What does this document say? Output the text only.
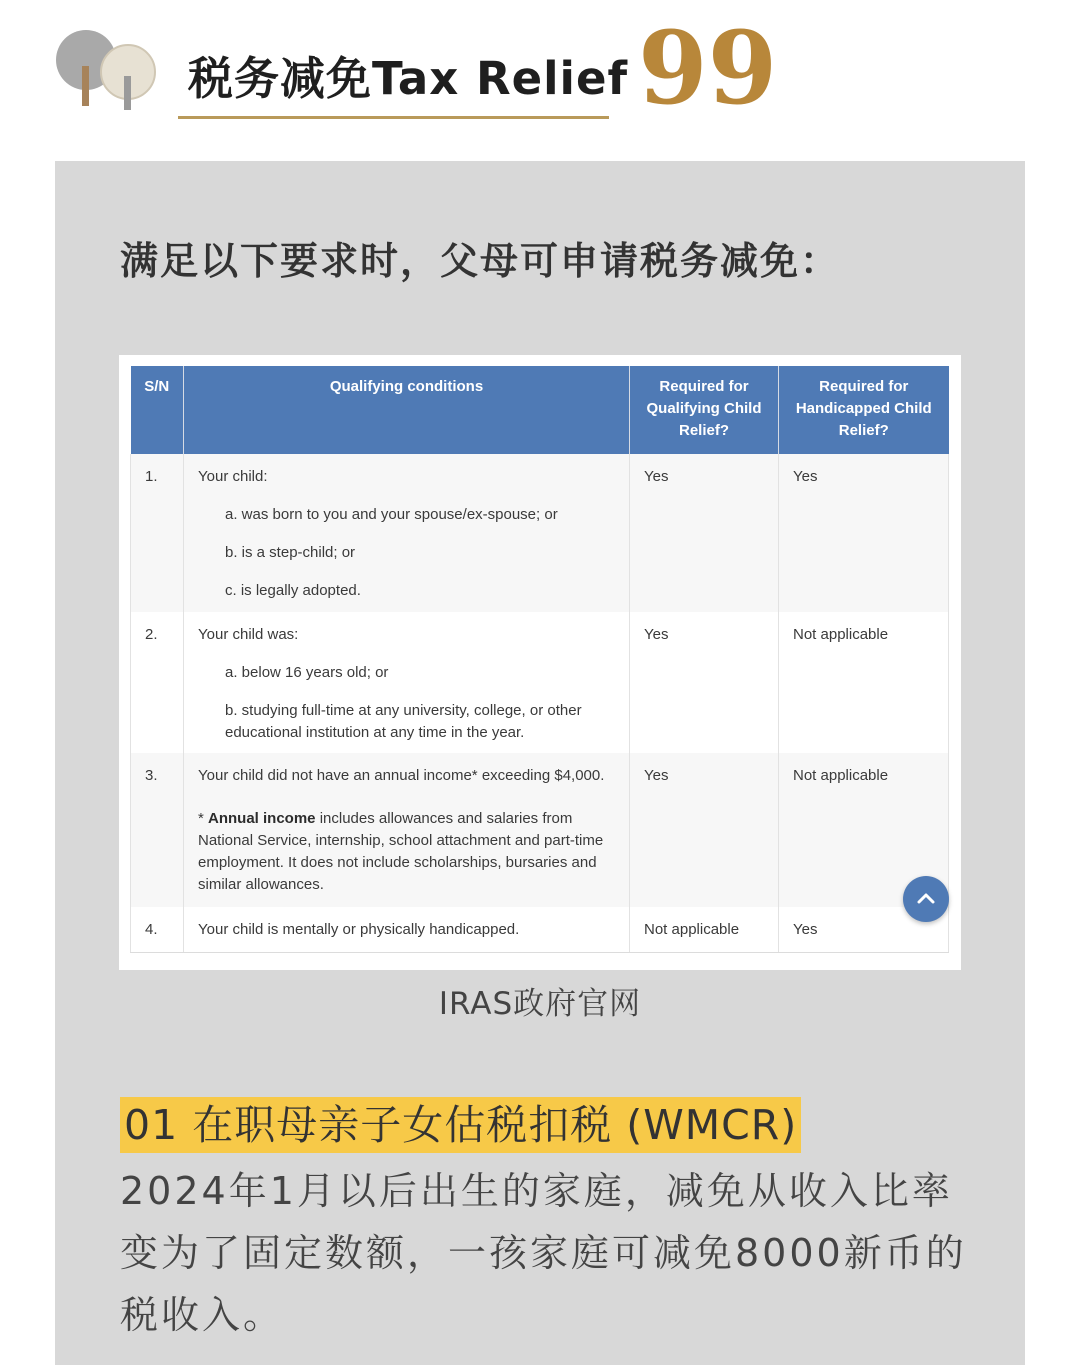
税务减免Tax Relief 99
满足以下要求时，父母可申请税务减免：
S/N	Qualifying conditions	Required for Qualifying Child Relief?	Required for Handicapped Child Relief?
1.	Your child:
a. was born to you and your spouse/ex-spouse; or
b. is a step-child; or
c. is legally adopted.	Yes	Yes
2.	Your child was:
a. below 16 years old; or
b. studying full-time at any university, college, or other educational institution at any time in the year.	Yes	Not applicable
3.	Your child did not have an annual income* exceeding $4,000.
* Annual income includes allowances and salaries from National Service, internship, school attachment and part-time employment. It does not include scholarships, bursaries and similar allowances.	Yes	Not applicable
4.	Your child is mentally or physically handicapped.	Not applicable	Yes
IRAS政府官网
01 在职母亲子女估税扣税 (WMCR)
2024年1月以后出生的家庭，减免从收入比率变为了固定数额，一孩家庭可减免8000新币的税收入。
